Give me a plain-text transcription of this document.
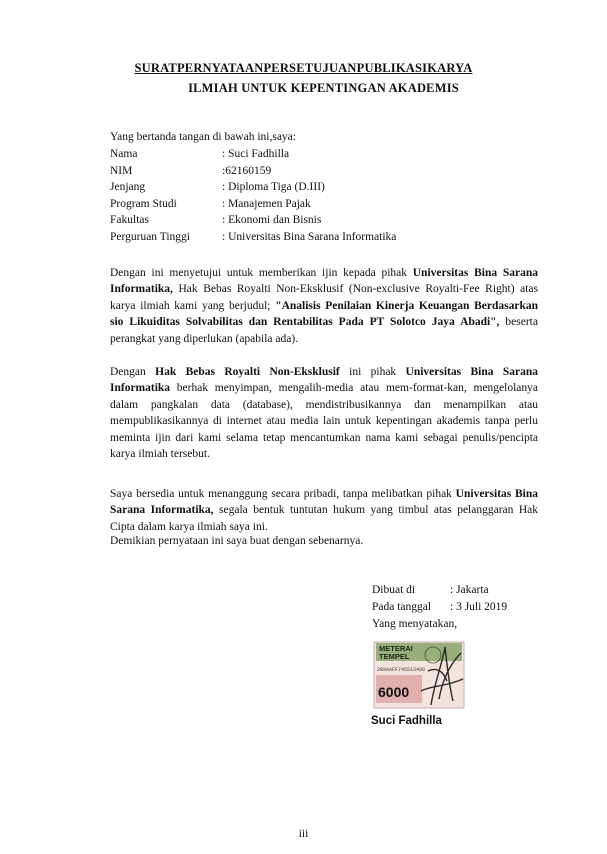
SURATPERNYATAANPERSETUJUANPUBLIKASIKARYA
ILMIAH UNTUK KEPENTINGAN AKADEMIS
Yang bertanda tangan di bawah ini,saya:
Nama	: Suci Fadhilla
NIM	:62160159
Jenjang	: Diploma Tiga (D.III)
Program Studi	: Manajemen Pajak
Fakultas	: Ekonomi dan Bisnis
Perguruan Tinggi	: Universitas Bina Sarana Informatika
Dengan ini menyetujui untuk memberikan ijin kepada pihak Universitas Bina Sarana Informatika, Hak Bebas Royalti Non-Eksklusif (Non-exclusive Royalti-Fee Right) atas karya ilmiah kami yang berjudul; "Analisis Penilaian Kinerja Keuangan Berdasarkan sio Likuiditas Solvabilitas dan Rentabilitas Pada PT Solotco Jaya Abadi", beserta perangkat yang diperlukan (apabila ada).
Dengan Hak Bebas Royalti Non-Eksklusif ini pihak Universitas Bina Sarana Informatika berhak menyimpan, mengalih-media atau mem-format-kan, mengelolanya dalam pangkalan data (database), mendistribusikannya dan menampilkan atau mempublikasikannya di internet atau media lain untuk kepentingan akademis tanpa perlu meminta ijin dari kami selama tetap mencantumkan nama kami sebagai penulis/pencipta karya ilmiah tersebut.
Saya bersedia untuk menanggung secara pribadi, tanpa melibatkan pihak Universitas Bina Sarana Informatika, segala bentuk tuntutan hukum yang timbul atas pelanggaran Hak Cipta dalam karya ilmiah saya ini.
Demikian pernyataan ini saya buat dengan sebenarnya.
Dibuat di	: Jakarta
Pada tanggal : 3 Juli 2019
Yang menyatakan,
METERAI
TEMPEL
2B9AAFF745513400
6000
Suci Fadhilla
iii
